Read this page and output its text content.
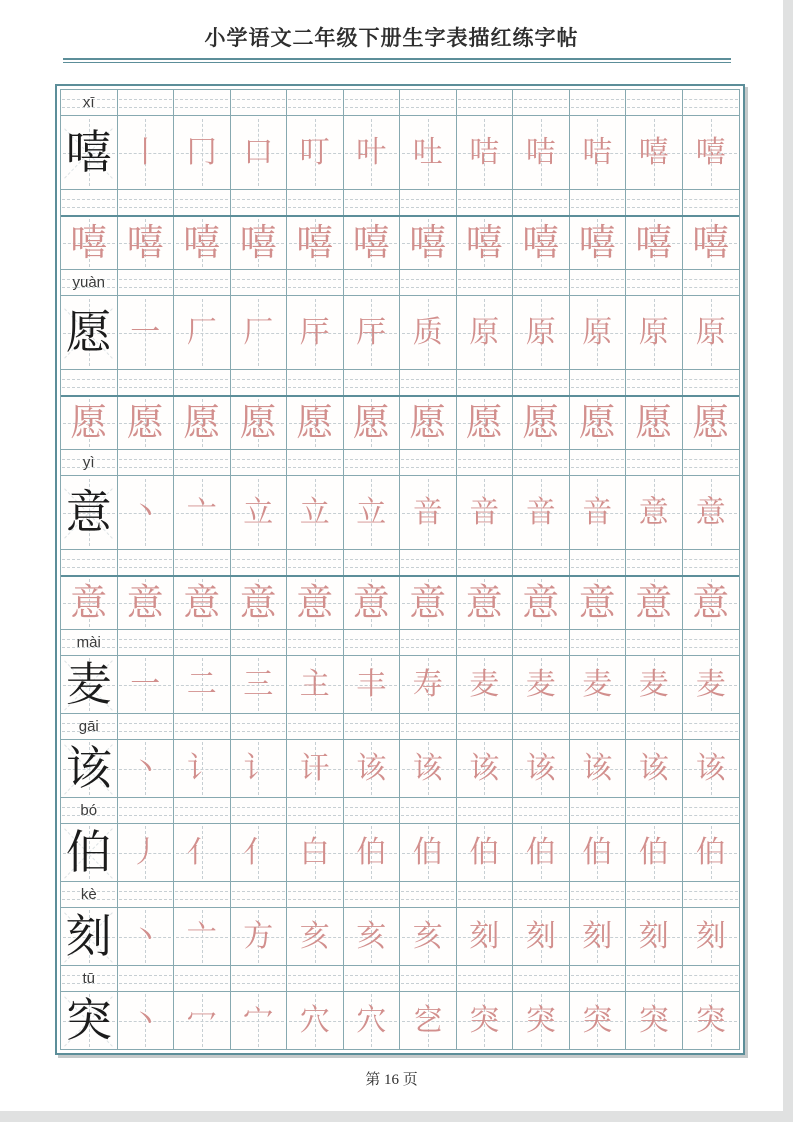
小学语文二年级下册生字表描红练字帖
xī
嘻 丨 冂 口 叮 叶 吐 咭 咭 咭 嘻 嘻
嘻 嘻 嘻 嘻 嘻 嘻 嘻 嘻 嘻 嘻 嘻 嘻
yuàn
愿 一 厂 厂 厈 厈 质 原 原 原 原 原
愿 愿 愿 愿 愿 愿 愿 愿 愿 愿 愿 愿
yì
意 丶 亠 立 立 立 音 音 音 音 意 意
意 意 意 意 意 意 意 意 意 意 意 意
mài
麦 一 二 三 主 丰 寿 麦 麦 麦 麦 麦
gāi
该 丶 讠 讠 讦 该 该 该 该 该 该 该
bó
伯 丿 亻 亻 白 伯 伯 伯 伯 伯 伯 伯
kè
刻 丶 亠 方 亥 亥 亥 刻 刻 刻 刻 刻
tū
突 丶 冖 宀 穴 穴 穵 突 突 突 突 突
第 16 页
